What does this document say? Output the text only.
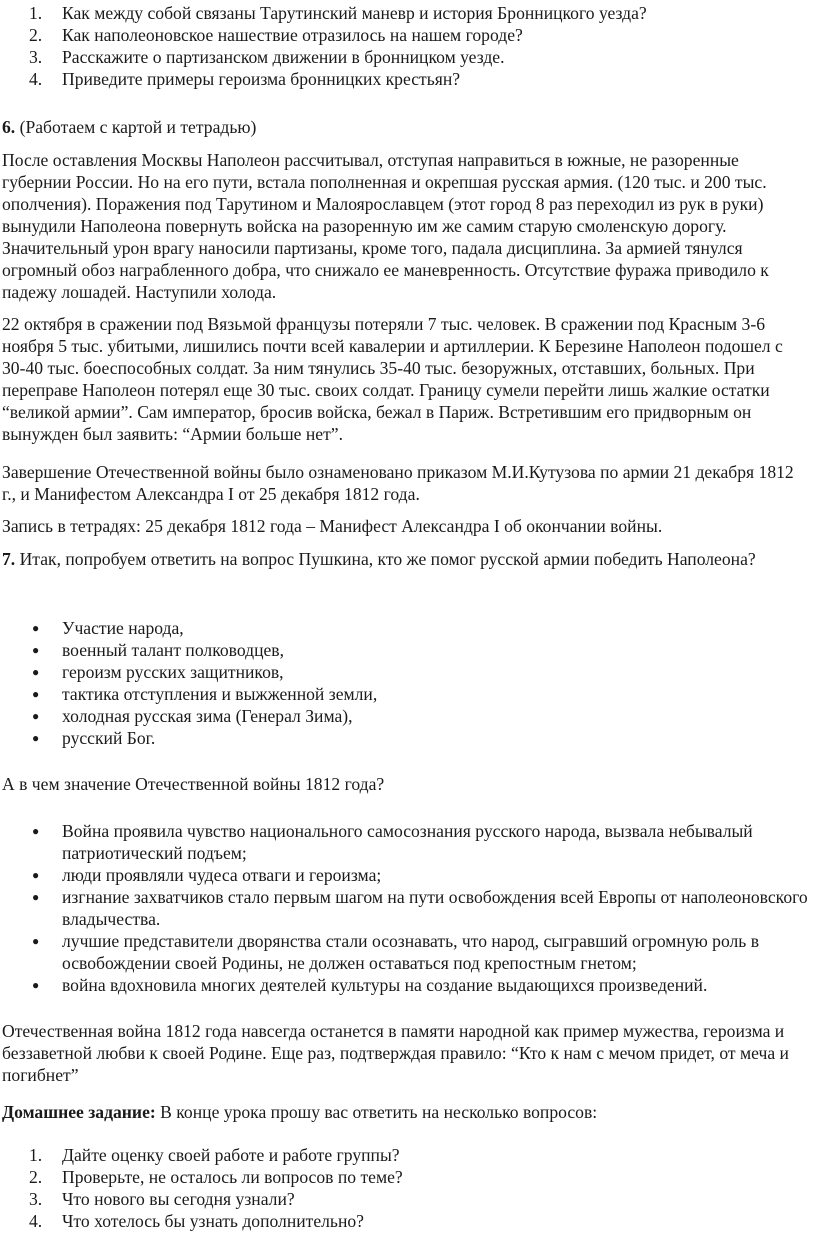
1.	Как между собой связаны Тарутинский маневр и история Бронницкого уезда?
2.	Как наполеоновское нашествие отразилось на нашем городе?
3.	Расскажите о партизанском движении в бронницком уезде.
4.	Приведите примеры героизма бронницких крестьян?

6. (Работаем с картой и тетрадью)

После оставления Москвы Наполеон рассчитывал, отступая направиться в южные, не разоренные губернии России. Но на его пути, встала пополненная и окрепшая русская армия. (120 тыс. и 200 тыс. ополчения). Поражения под Тарутином и Малоярославцем (этот город 8 раз переходил из рук в руки) вынудили Наполеона повернуть войска на разоренную им же самим старую смоленскую дорогу. Значительный урон врагу наносили партизаны, кроме того, падала дисциплина. За армией тянулся огромный обоз награбленного добра, что снижало ее маневренность. Отсутствие фуража приводило к падежу лошадей. Наступили холода.

22 октября в сражении под Вязьмой французы потеряли 7 тыс. человек. В сражении под Красным 3-6 ноября 5 тыс. убитыми, лишились почти всей кавалерии и артиллерии. К Березине Наполеон подошел с 30-40 тыс. боеспособных солдат. За ним тянулись 35-40 тыс. безоружных, отставших, больных. При переправе Наполеон потерял еще 30 тыс. своих солдат. Границу сумели перейти лишь жалкие остатки “великой армии”. Сам император, бросив войска, бежал в Париж. Встретившим его придворным он вынужден был заявить: “Армии больше нет”.

Завершение Отечественной войны было ознаменовано приказом М.И.Кутузова по армии 21 декабря 1812 г., и Манифестом Александра I от 25 декабря 1812 года.

Запись в тетрадях: 25 декабря 1812 года – Манифест Александра I об окончании войны.

7. Итак, попробуем ответить на вопрос Пушкина, кто же помог русской армии победить Наполеона?

● Участие народа,
● военный талант полководцев,
● героизм русских защитников,
● тактика отступления и выжженной земли,
● холодная русская зима (Генерал Зима),
● русский Бог.

А в чем значение Отечественной войны 1812 года?

● Война проявила чувство национального самосознания русского народа, вызвала небывалый патриотический подъем;
● люди проявляли чудеса отваги и героизма;
● изгнание захватчиков стало первым шагом на пути освобождения всей Европы от наполеоновского владычества.
● лучшие представители дворянства стали осознавать, что народ, сыгравший огромную роль в освобождении своей Родины, не должен оставаться под крепостным гнетом;
● война вдохновила многих деятелей культуры на создание выдающихся произведений.

Отечественная война 1812 года навсегда останется в памяти народной как пример мужества, героизма и беззаветной любви к своей Родине. Еще раз, подтверждая правило: “Кто к нам с мечом придет, от меча и погибнет”

Домашнее задание: В конце урока прошу вас ответить на несколько вопросов:

1.	Дайте оценку своей работе и работе группы?
2.	Проверьте, не осталось ли вопросов по теме?
3.	Что нового вы сегодня узнали?
4.	Что хотелось бы узнать дополнительно?
